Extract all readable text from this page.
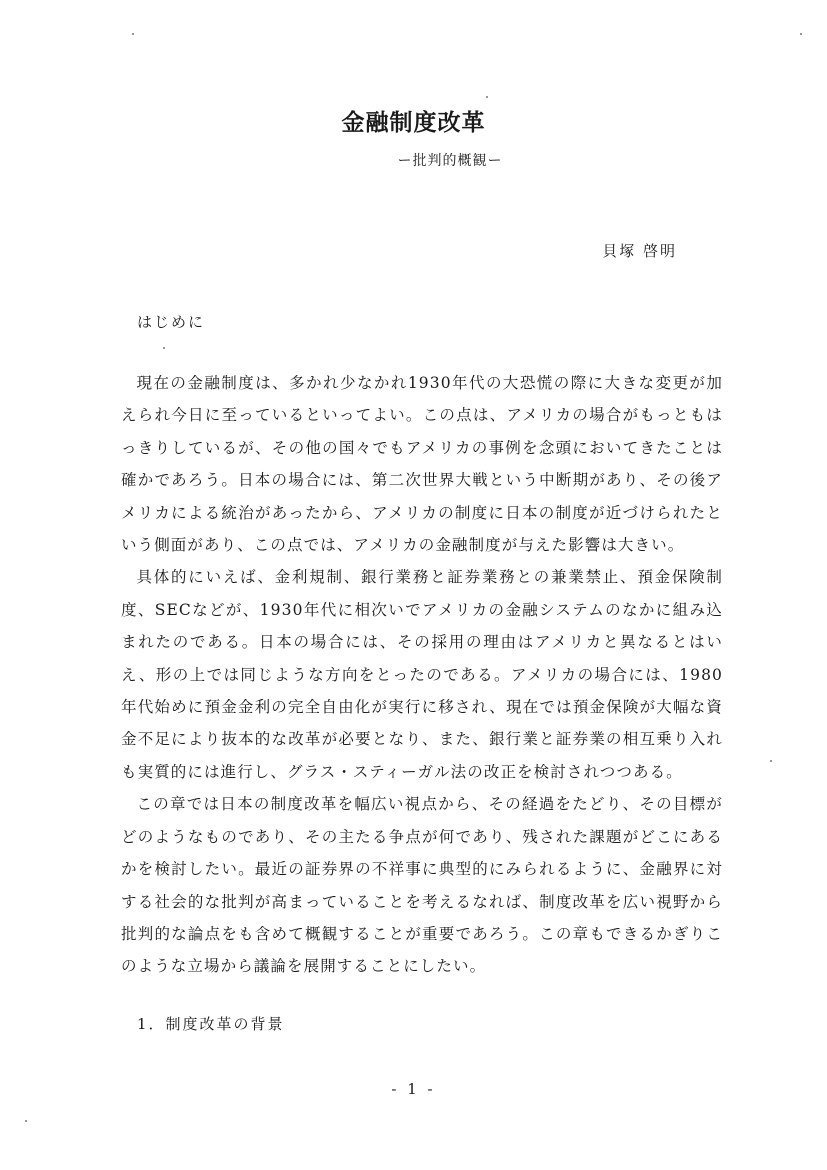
金融制度改革
ー批判的概観ー
貝塚 啓明
はじめに

現在の金融制度は、多かれ少なかれ1930年代の大恐慌の際に大きな変更が加えられ今日に至っているといってよい。この点は、アメリカの場合がもっともはっきりしているが、その他の国々でもアメリカの事例を念頭においてきたことは確かであろう。日本の場合には、第二次世界大戦という中断期があり、その後アメリカによる統治があったから、アメリカの制度に日本の制度が近づけられたという側面があり、この点では、アメリカの金融制度が与えた影響は大きい。

具体的にいえば、金利規制、銀行業務と証券業務との兼業禁止、預金保険制度、SECなどが、1930年代に相次いでアメリカの金融システムのなかに組み込まれたのである。日本の場合には、その採用の理由はアメリカと異なるとはいえ、形の上では同じような方向をとったのである。アメリカの場合には、1980年代始めに預金金利の完全自由化が実行に移され、現在では預金保険が大幅な資金不足により抜本的な改革が必要となり、また、銀行業と証券業の相互乗り入れも実質的には進行し、グラス・スティーガル法の改正を検討されつつある。

この章では日本の制度改革を幅広い視点から、その経過をたどり、その目標がどのようなものであり、その主たる争点が何であり、残された課題がどこにあるかを検討したい。最近の証券界の不祥事に典型的にみられるように、金融界に対する社会的な批判が高まっていることを考えるなれば、制度改革を広い視野から批判的な論点をも含めて概観することが重要であろう。この章もできるかぎりこのような立場から議論を展開することにしたい。

1．制度改革の背景
- 1 -
